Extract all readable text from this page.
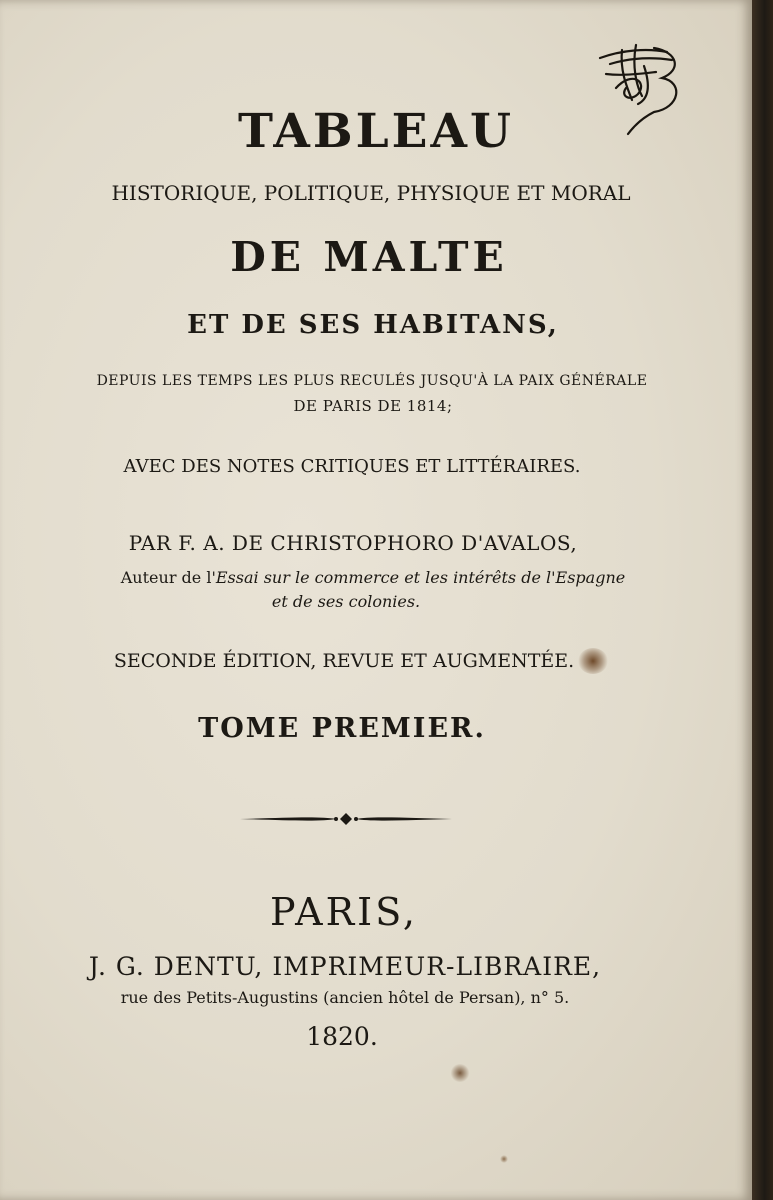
TABLEAU
HISTORIQUE, POLITIQUE, PHYSIQUE ET MORAL
DE MALTE
ET DE SES HABITANS,
DEPUIS LES TEMPS LES PLUS RECULÉS JUSQU'À LA PAIX GÉNÉRALE
DE PARIS DE 1814;
AVEC DES NOTES CRITIQUES ET LITTÉRAIRES.
PAR F. A. DE CHRISTOPHORO D'AVALOS,
Auteur de l'Essai sur le commerce et les intérêts de l'Espagne
et de ses colonies.
SECONDE ÉDITION, REVUE ET AUGMENTÉE.
TOME PREMIER.
PARIS,
J. G. DENTU, IMPRIMEUR-LIBRAIRE,
rue des Petits-Augustins (ancien hôtel de Persan), n° 5.
1820.
